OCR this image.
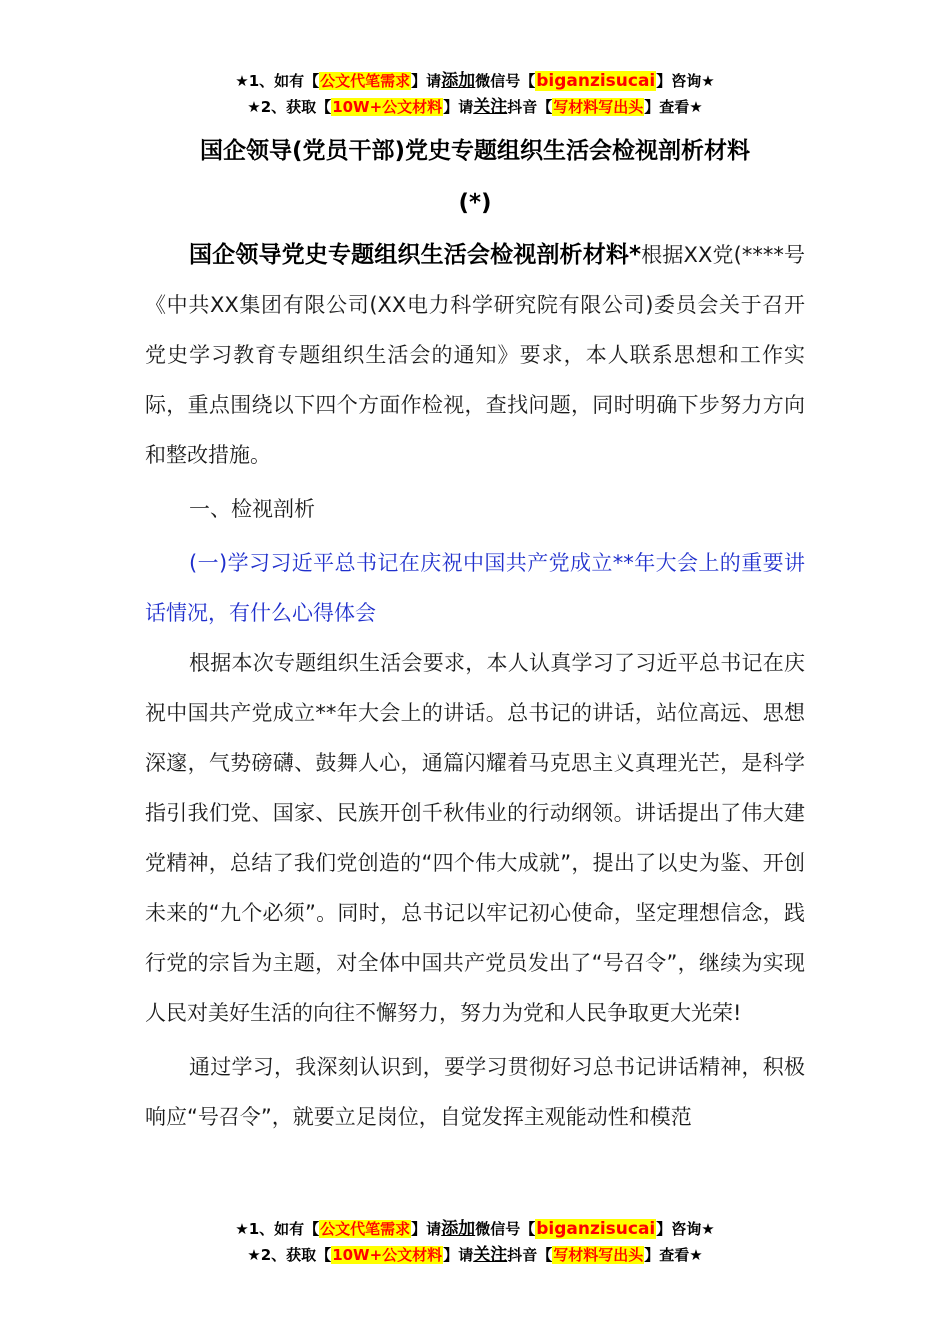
★1、如有【公文代笔需求】请添加微信号【biganzisucai】咨询★
★2、获取【10W+公文材料】请关注抖音【写材料写出头】查看★
国企领导(党员干部)党史专题组织生活会检视剖析材料
(*)

国企领导党史专题组织生活会检视剖析材料*根据XX党(****号《中共XX集团有限公司(XX电力科学研究院有限公司)委员会关于召开党史学习教育专题组织生活会的通知》要求，本人联系思想和工作实际，重点围绕以下四个方面作检视，查找问题，同时明确下步努力方向和整改措施。

一、检视剖析

(一)学习习近平总书记在庆祝中国共产党成立**年大会上的重要讲话情况，有什么心得体会

根据本次专题组织生活会要求，本人认真学习了习近平总书记在庆祝中国共产党成立**年大会上的讲话。总书记的讲话，站位高远、思想深邃，气势磅礴、鼓舞人心，通篇闪耀着马克思主义真理光芒，是科学指引我们党、国家、民族开创千秋伟业的行动纲领。讲话提出了伟大建党精神，总结了我们党创造的“四个伟大成就”，提出了以史为鉴、开创未来的“九个必须”。同时，总书记以牢记初心使命，坚定理想信念，践行党的宗旨为主题，对全体中国共产党员发出了“号召令”，继续为实现人民对美好生活的向往不懈努力，努力为党和人民争取更大光荣!

通过学习，我深刻认识到，要学习贯彻好习总书记讲话精神，积极响应“号召令”，就要立足岗位，自觉发挥主观能动性和模范

★1、如有【公文代笔需求】请添加微信号【biganzisucai】咨询★
★2、获取【10W+公文材料】请关注抖音【写材料写出头】查看★
